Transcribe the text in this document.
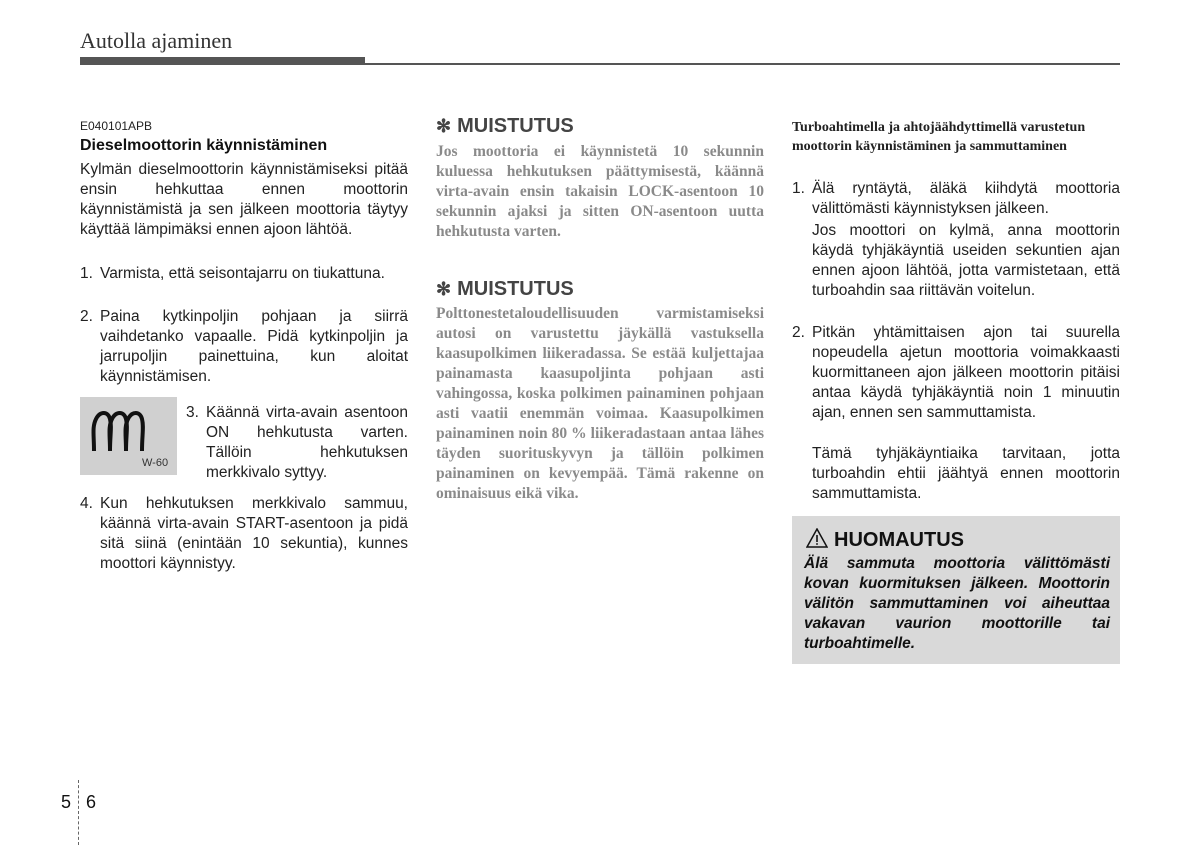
Autolla ajaminen
E040101APB
Dieselmoottorin käynnistäminen
Kylmän dieselmoottorin käynnistämiseksi pitää ensin hehkuttaa ennen moottorin käynnistämistä ja sen jälkeen moottoria täytyy käyttää lämpimäksi ennen ajoon lähtöä.
1. Varmista, että seisontajarru on tiukattuna.
2. Paina kytkinpoljin pohjaan ja siirrä vaihdetanko vapaalle. Pidä kytkinpoljin ja jarrupoljin painettuina, kun aloitat käynnistämisen.
W-60
3. Käännä virta-avain asentoon ON hehkutusta varten. Tällöin hehkutuksen merkkivalo syttyy.
4. Kun hehkutuksen merkkivalo sammuu, käännä virta-avain START-asentoon ja pidä sitä siinä (enintään 10 sekuntia), kunnes moottori käynnistyy.
✻ MUISTUTUS
Jos moottoria ei käynnistetä 10 sekunnin kuluessa hehkutuksen päättymisestä, käännä virta-avain ensin takaisin LOCK-asentoon 10 sekunnin ajaksi ja sitten ON-asentoon uutta hehkutusta varten.
✻ MUISTUTUS
Polttonestetaloudellisuuden varmistamiseksi autosi on varustettu jäykällä vastuksella kaasupolkimen liikeradassa. Se estää kuljettajaa painamasta kaasupoljinta pohjaan asti vahingossa, koska polkimen painaminen pohjaan asti vaatii enemmän voimaa. Kaasupolkimen painaminen noin 80 % liikeradastaan antaa lähes täyden suorituskyvyn ja tällöin polkimen painaminen on kevyempää. Tämä rakenne on ominaisuus eikä vika.
Turboahtimella ja ahtojäähdyttimellä varustetun moottorin käynnistäminen ja sammuttaminen
1. Älä ryntäytä, äläkä kiihdytä moottoria välittömästi käynnistyksen jälkeen.
Jos moottori on kylmä, anna moottorin käydä tyhjäkäyntiä useiden sekuntien ajan ennen ajoon lähtöä, jotta varmistetaan, että turboahdin saa riittävän voitelun.
2. Pitkän yhtämittaisen ajon tai suurella nopeudella ajetun moottoria voimakkaasti kuormittaneen ajon jälkeen moottorin pitäisi antaa käydä tyhjäkäyntiä noin 1 minuutin ajan, ennen sen sammuttamista.
Tämä tyhjäkäyntiaika tarvitaan, jotta turboahdin ehtii jäähtyä ennen moottorin sammuttamista.
HUOMAUTUS
Älä sammuta moottoria välittömästi kovan kuormituksen jälkeen. Moottorin välitön sammuttaminen voi aiheuttaa vakavan vaurion moottorille tai turboahtimelle.
5 6
